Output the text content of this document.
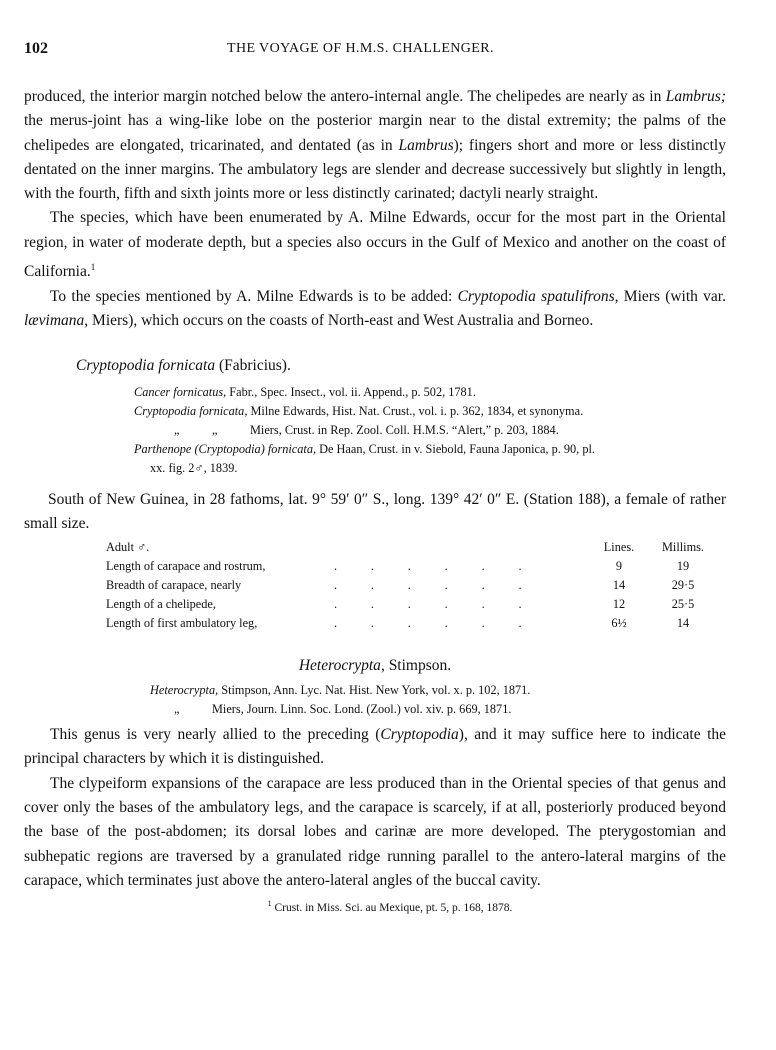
102	THE VOYAGE OF H.M.S. CHALLENGER.

produced, the interior margin notched below the antero-internal angle. The chelipedes are nearly as in Lambrus; the merus-joint has a wing-like lobe on the posterior margin near to the distal extremity; the palms of the chelipedes are elongated, tricarinated, and dentated (as in Lambrus); fingers short and more or less distinctly dentated on the inner margins. The ambulatory legs are slender and decrease successively but slightly in length, with the fourth, fifth and sixth joints more or less distinctly carinated; dactyli nearly straight.

The species, which have been enumerated by A. Milne Edwards, occur for the most part in the Oriental region, in water of moderate depth, but a species also occurs in the Gulf of Mexico and another on the coast of California.$^1$

To the species mentioned by A. Milne Edwards is to be added: Cryptopodia spatulifrons, Miers (with var. lævimana, Miers), which occurs on the coasts of North-east and West Australia and Borneo.

Cryptopodia fornicata (Fabricius).
Cancer fornicatus, Fabr., Spec. Insect., vol. ii. Append., p. 502, 1781.
Cryptopodia fornicata, Milne Edwards, Hist. Nat. Crust., vol. i. p. 362, 1834, et synonyma.
„	„	Miers, Crust. in Rep. Zool. Coll. H.M.S. “Alert,” p. 203, 1884.
Parthenope (Cryptopodia) fornicata, De Haan, Crust. in v. Siebold, Fauna Japonica, p. 90, pl.
xx. fig. 2♂, 1839.

South of New Guinea, in 28 fathoms, lat. 9° 59′ 0″ S., long. 139° 42′ 0″ E. (Station 188), a female of rather small size.

Adult ♂.		Lines.	Millims.
Length of carapace and rostrum,	.           .           .           .           .           .	9	19
Breadth of carapace, nearly	.           .           .           .           .           .	14	29·5
Length of a chelipede,	.           .           .           .           .           .	12	25·5
Length of first ambulatory leg,	.           .           .           .           .           .	6½	14
Heterocrypta, Stimpson.
Heterocrypta, Stimpson, Ann. Lyc. Nat. Hist. New York, vol. x. p. 102, 1871.
„	Miers, Journ. Linn. Soc. Lond. (Zool.) vol. xiv. p. 669, 1871.

This genus is very nearly allied to the preceding (Cryptopodia), and it may suffice here to indicate the principal characters by which it is distinguished.

The clypeiform expansions of the carapace are less produced than in the Oriental species of that genus and cover only the bases of the ambulatory legs, and the carapace is scarcely, if at all, posteriorly produced beyond the base of the post-abdomen; its dorsal lobes and carinæ are more developed. The pterygostomian and subhepatic regions are traversed by a granulated ridge running parallel to the antero-lateral margins of the carapace, which terminates just above the antero-lateral angles of the buccal cavity.

$^1$ Crust. in Miss. Sci. au Mexique, pt. 5, p. 168, 1878.
